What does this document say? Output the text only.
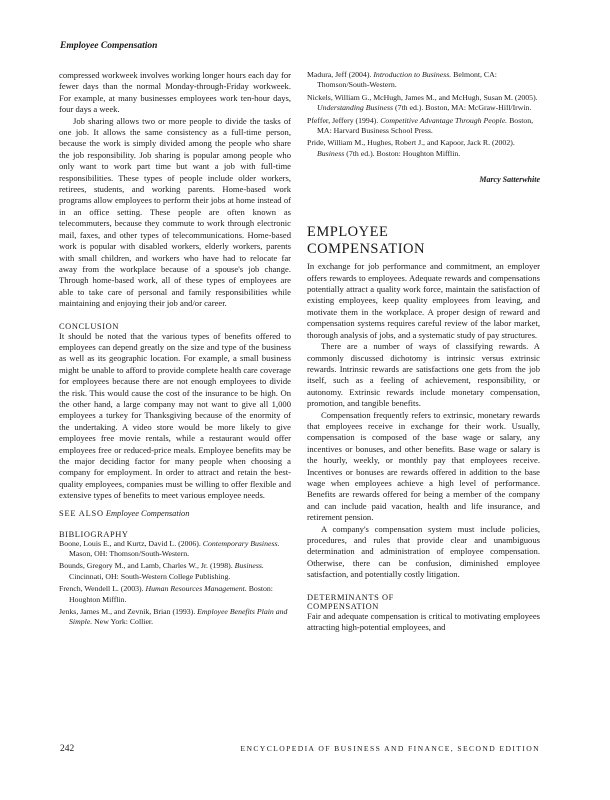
Employee Compensation

compressed workweek involves working longer hours each day for fewer days than the normal Monday-through-Friday workweek. For example, at many businesses employees work ten-hour days, four days a week.

Job sharing allows two or more people to divide the tasks of one job. It allows the same consistency as a full-time person, because the work is simply divided among the people who share the job responsibility. Job sharing is popular among people who only want to work part time but want a job with full-time responsibilities. These types of people include older workers, retirees, students, and working parents. Home-based work programs allow employees to perform their jobs at home instead of in an office setting. These people are often known as telecommuters, because they commute to work through electronic mail, faxes, and other types of telecommunications. Home-based work is popular with disabled workers, elderly workers, parents with small children, and workers who have had to relocate far away from the workplace because of a spouse's job change. Through home-based work, all of these types of employees are able to take care of personal and family responsibilities while maintaining and enjoying their job and/or career.

CONCLUSION

It should be noted that the various types of benefits offered to employees can depend greatly on the size and type of the business as well as its geographic location. For example, a small business might be unable to afford to provide complete health care coverage for employees because there are not enough employees to divide the risk. This would cause the cost of the insurance to be high. On the other hand, a large company may not want to give all 1,000 employees a turkey for Thanksgiving because of the enormity of the undertaking. A video store would be more likely to give employees free movie rentals, while a restaurant would offer employees free or reduced-price meals. Employee benefits may be the major deciding factor for many people when choosing a company for employment. In order to attract and retain the best-quality employees, companies must be willing to offer flexible and extensive types of benefits to meet various employee needs.

SEE ALSO Employee Compensation

BIBLIOGRAPHY

Boone, Louis E., and Kurtz, David L. (2006). Contemporary Business. Mason, OH: Thomson/South-Western.

Bounds, Gregory M., and Lamb, Charles W., Jr. (1998). Business. Cincinnati, OH: South-Western College Publishing.

French, Wendell L. (2003). Human Resources Management. Boston: Houghton Mifflin.

Jenks, James M., and Zevnik, Brian (1993). Employee Benefits Plain and Simple. New York: Collier.

Madura, Jeff (2004). Introduction to Business. Belmont, CA: Thomson/South-Western.

Nickels, William G., McHugh, James M., and McHugh, Susan M. (2005). Understanding Business (7th ed.). Boston, MA: McGraw-Hill/Irwin.

Pfeffer, Jeffery (1994). Competitive Advantage Through People. Boston, MA: Harvard Business School Press.

Pride, William M., Hughes, Robert J., and Kapoor, Jack R. (2002). Business (7th ed.). Boston: Houghton Mifflin.

Marcy Satterwhite

EMPLOYEE
COMPENSATION

In exchange for job performance and commitment, an employer offers rewards to employees. Adequate rewards and compensations potentially attract a quality work force, maintain the satisfaction of existing employees, keep quality employees from leaving, and motivate them in the workplace. A proper design of reward and compensation systems requires careful review of the labor market, thorough analysis of jobs, and a systematic study of pay structures.

There are a number of ways of classifying rewards. A commonly discussed dichotomy is intrinsic versus extrinsic rewards. Intrinsic rewards are satisfactions one gets from the job itself, such as a feeling of achievement, responsibility, or autonomy. Extrinsic rewards include monetary compensation, promotion, and tangible benefits.

Compensation frequently refers to extrinsic, monetary rewards that employees receive in exchange for their work. Usually, compensation is composed of the base wage or salary, any incentives or bonuses, and other benefits. Base wage or salary is the hourly, weekly, or monthly pay that employees receive. Incentives or bonuses are rewards offered in addition to the base wage when employees achieve a high level of performance. Benefits are rewards offered for being a member of the company and can include paid vacation, health and life insurance, and retirement pension.

A company's compensation system must include policies, procedures, and rules that provide clear and unambiguous determination and administration of employee compensation. Otherwise, there can be confusion, diminished employee satisfaction, and potentially costly litigation.

DETERMINANTS OF
COMPENSATION

Fair and adequate compensation is critical to motivating employees attracting high-potential employees, and

242	ENCYCLOPEDIA OF BUSINESS AND FINANCE, SECOND EDITION
